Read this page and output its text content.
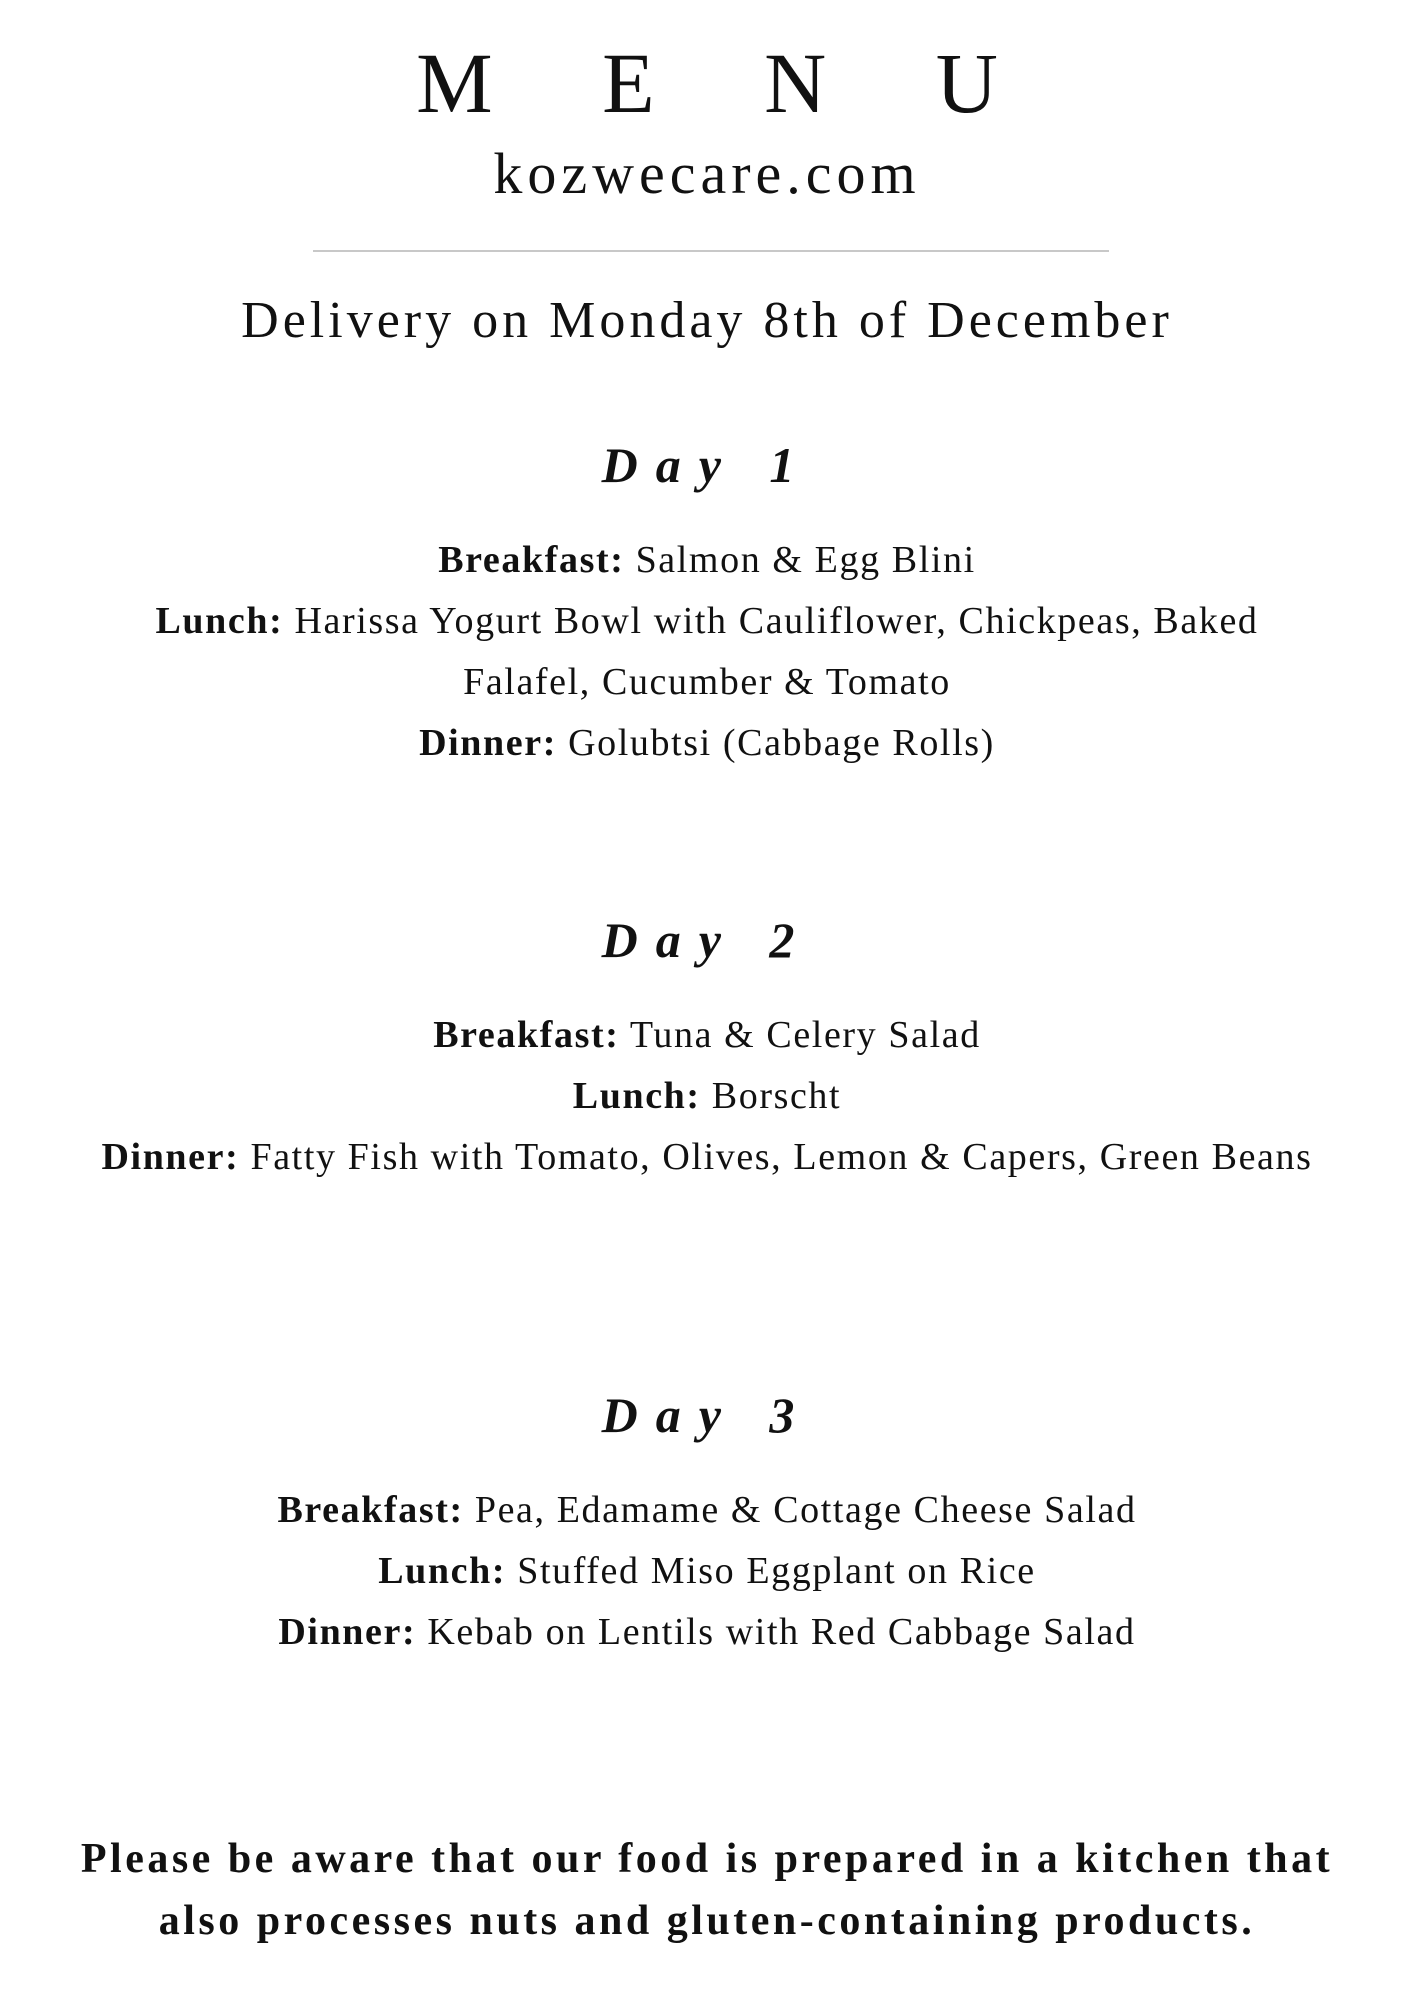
M E N U
kozwecare.com
Delivery on Monday 8th of December
Day 1

Breakfast: Salmon & Egg Blini

Lunch: Harissa Yogurt Bowl with Cauliflower, Chickpeas, Baked Falafel, Cucumber & Tomato

Dinner: Golubtsi (Cabbage Rolls)

Day 2

Breakfast: Tuna & Celery Salad

Lunch: Borscht

Dinner: Fatty Fish with Tomato, Olives, Lemon & Capers, Green Beans

Day 3

Breakfast: Pea, Edamame & Cottage Cheese Salad

Lunch: Stuffed Miso Eggplant on Rice

Dinner: Kebab on Lentils with Red Cabbage Salad

Please be aware that our food is prepared in a kitchen that also processes nuts and gluten-containing products.
